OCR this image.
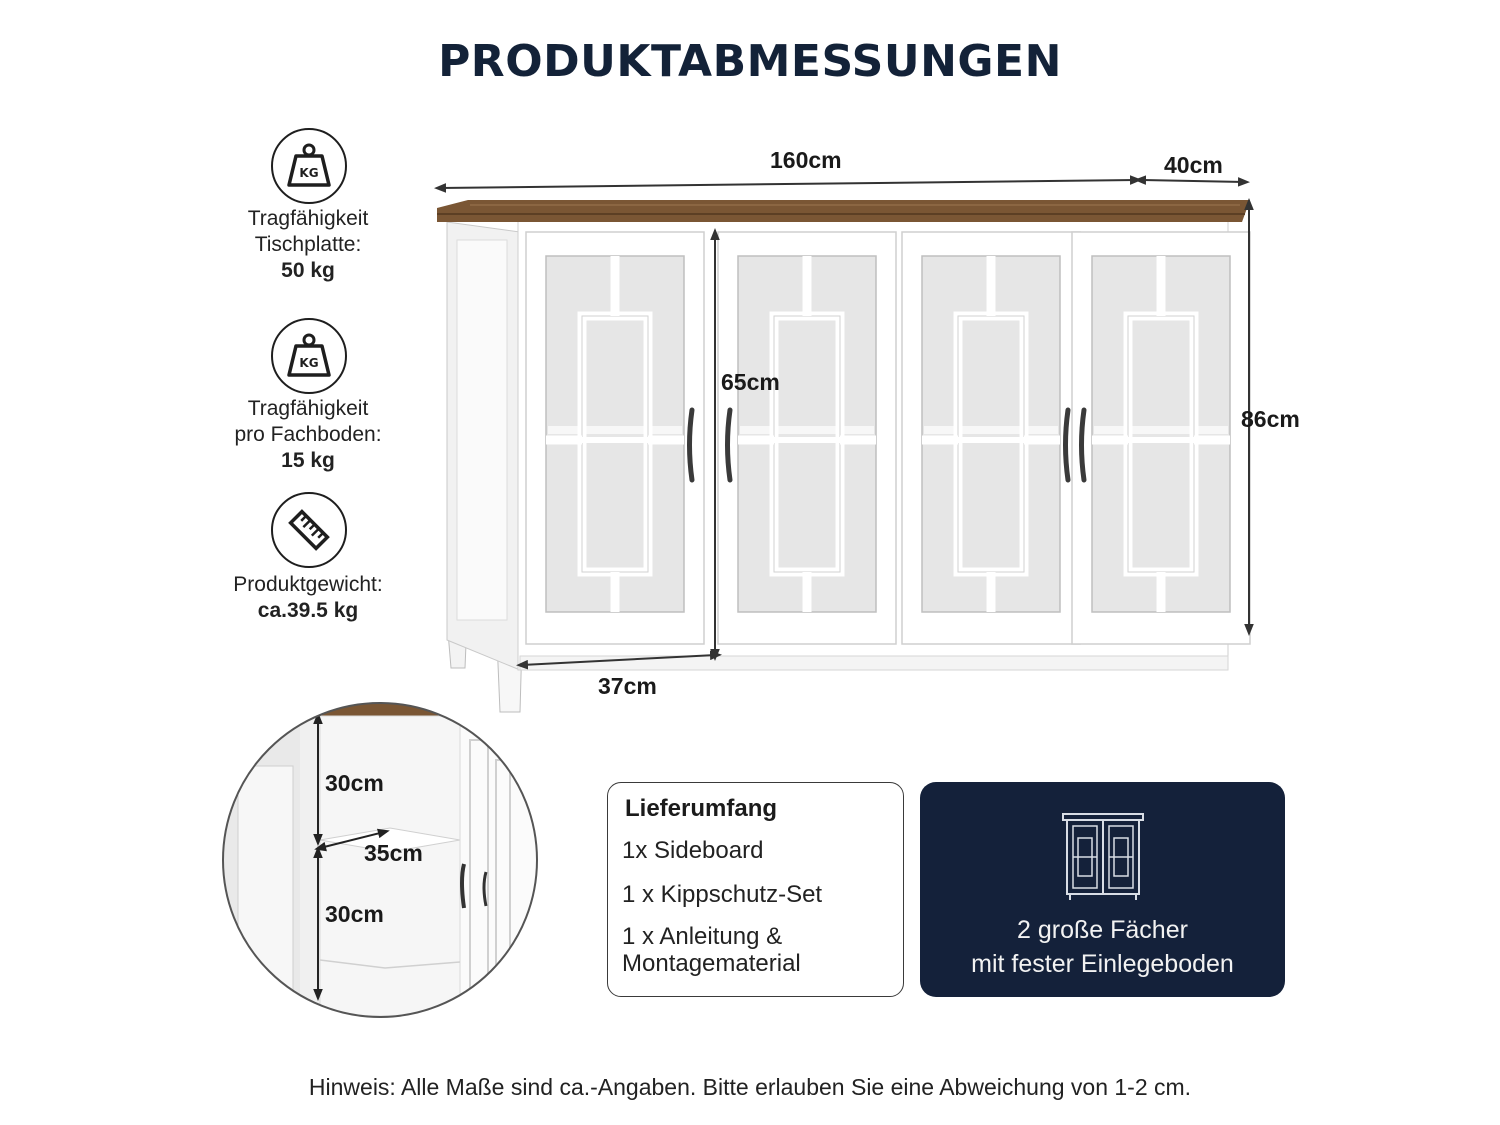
PRODUKTABMESSUNGEN
KG
Tragfähigkeit
Tischplatte:
50 kg
KG
Tragfähigkeit
pro Fachboden:
15 kg
Produktgewicht:
ca.39.5 kg
160cm	40cm
86cm
65cm
37cm
30cm
35cm
30cm
Lieferumfang
1x Sideboard
1 x Kippschutz-Set
1 x Anleitung &
Montagematerial
2 große Fächer
mit fester Einlegeboden
Hinweis: Alle Maße sind ca.-Angaben. Bitte erlauben Sie eine Abweichung von 1-2 cm.
